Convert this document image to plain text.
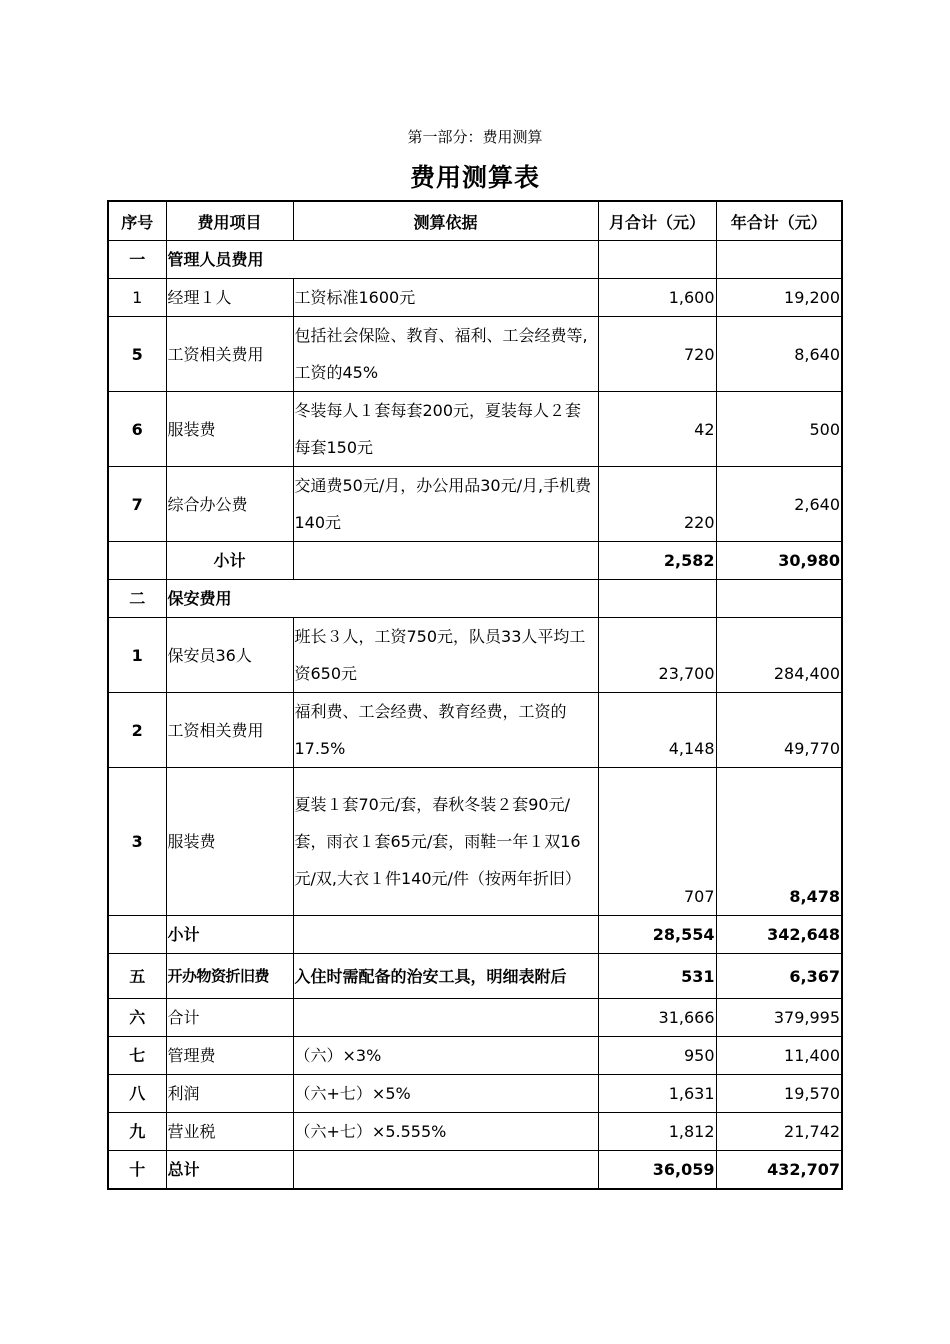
第一部分：费用测算
费用测算表
序号	费用项目	测算依据	月合计（元）	年合计（元）
一	管理人员费用			
1	经理１人	工资标准1600元	1,600	19,200
5	工资相关费用	包括社会保险、教育、福利、工会经费等,工资的45%	720	8,640
6	服装费	冬装每人１套每套200元，夏装每人２套每套150元	42	500
7	综合办公费	交通费50元/月，办公用品30元/月,手机费140元	220	2,640
	小计		2,582	30,980
二	保安费用			
1	保安员36人	班长３人，工资750元，队员33人平均工资650元	23,700	284,400
2	工资相关费用	福利费、工会经费、教育经费，工资的17.5%	4,148	49,770
3	服装费	夏装１套70元/套，春秋冬装２套90元/套，雨衣１套65元/套，雨鞋一年１双16元/双,大衣１件140元/件（按两年折旧）	707	8,478
	小计		28,554	342,648
五	开办物资折旧费	入住时需配备的治安工具，明细表附后	531	6,367
六	合计		31,666	379,995
七	管理费	（六）×3%	950	11,400
八	利润	（六+七）×5%	1,631	19,570
九	营业税	（六+七）×5.555%	1,812	21,742
十	总计		36,059	432,707
